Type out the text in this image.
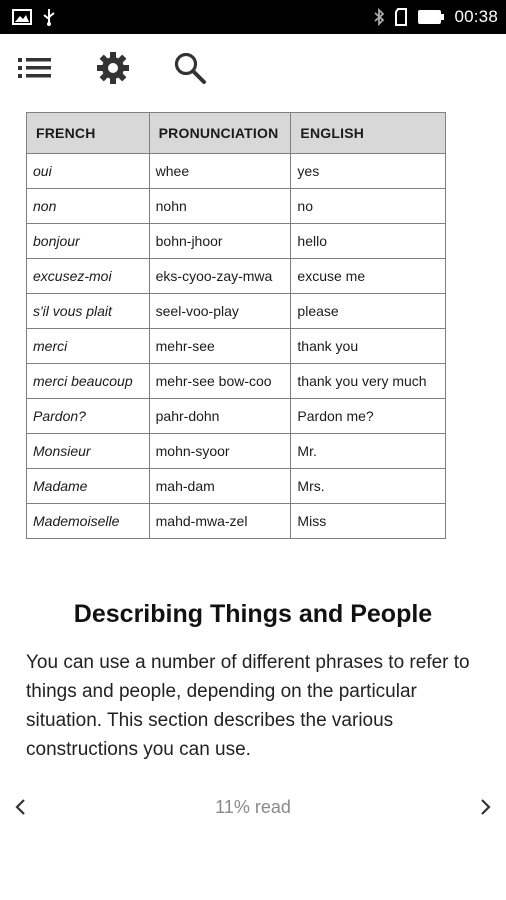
00:38
FRENCH	PRONUNCIATION	ENGLISH
oui	whee	yes
non	nohn	no
bonjour	bohn-jhoor	hello
excusez-moi	eks-cyoo-zay-mwa	excuse me
s'il vous plait	seel-voo-play	please
merci	mehr-see	thank you
merci beaucoup	mehr-see bow-coo	thank you very much
Pardon?	pahr-dohn	Pardon me?
Monsieur	mohn-syoor	Mr.
Madame	mah-dam	Mrs.
Mademoiselle	mahd-mwa-zel	Miss
Describing Things and People
You can use a number of different phrases to refer to things and people, depending on the particular situation. This section describes the various constructions you can use.
11% read
